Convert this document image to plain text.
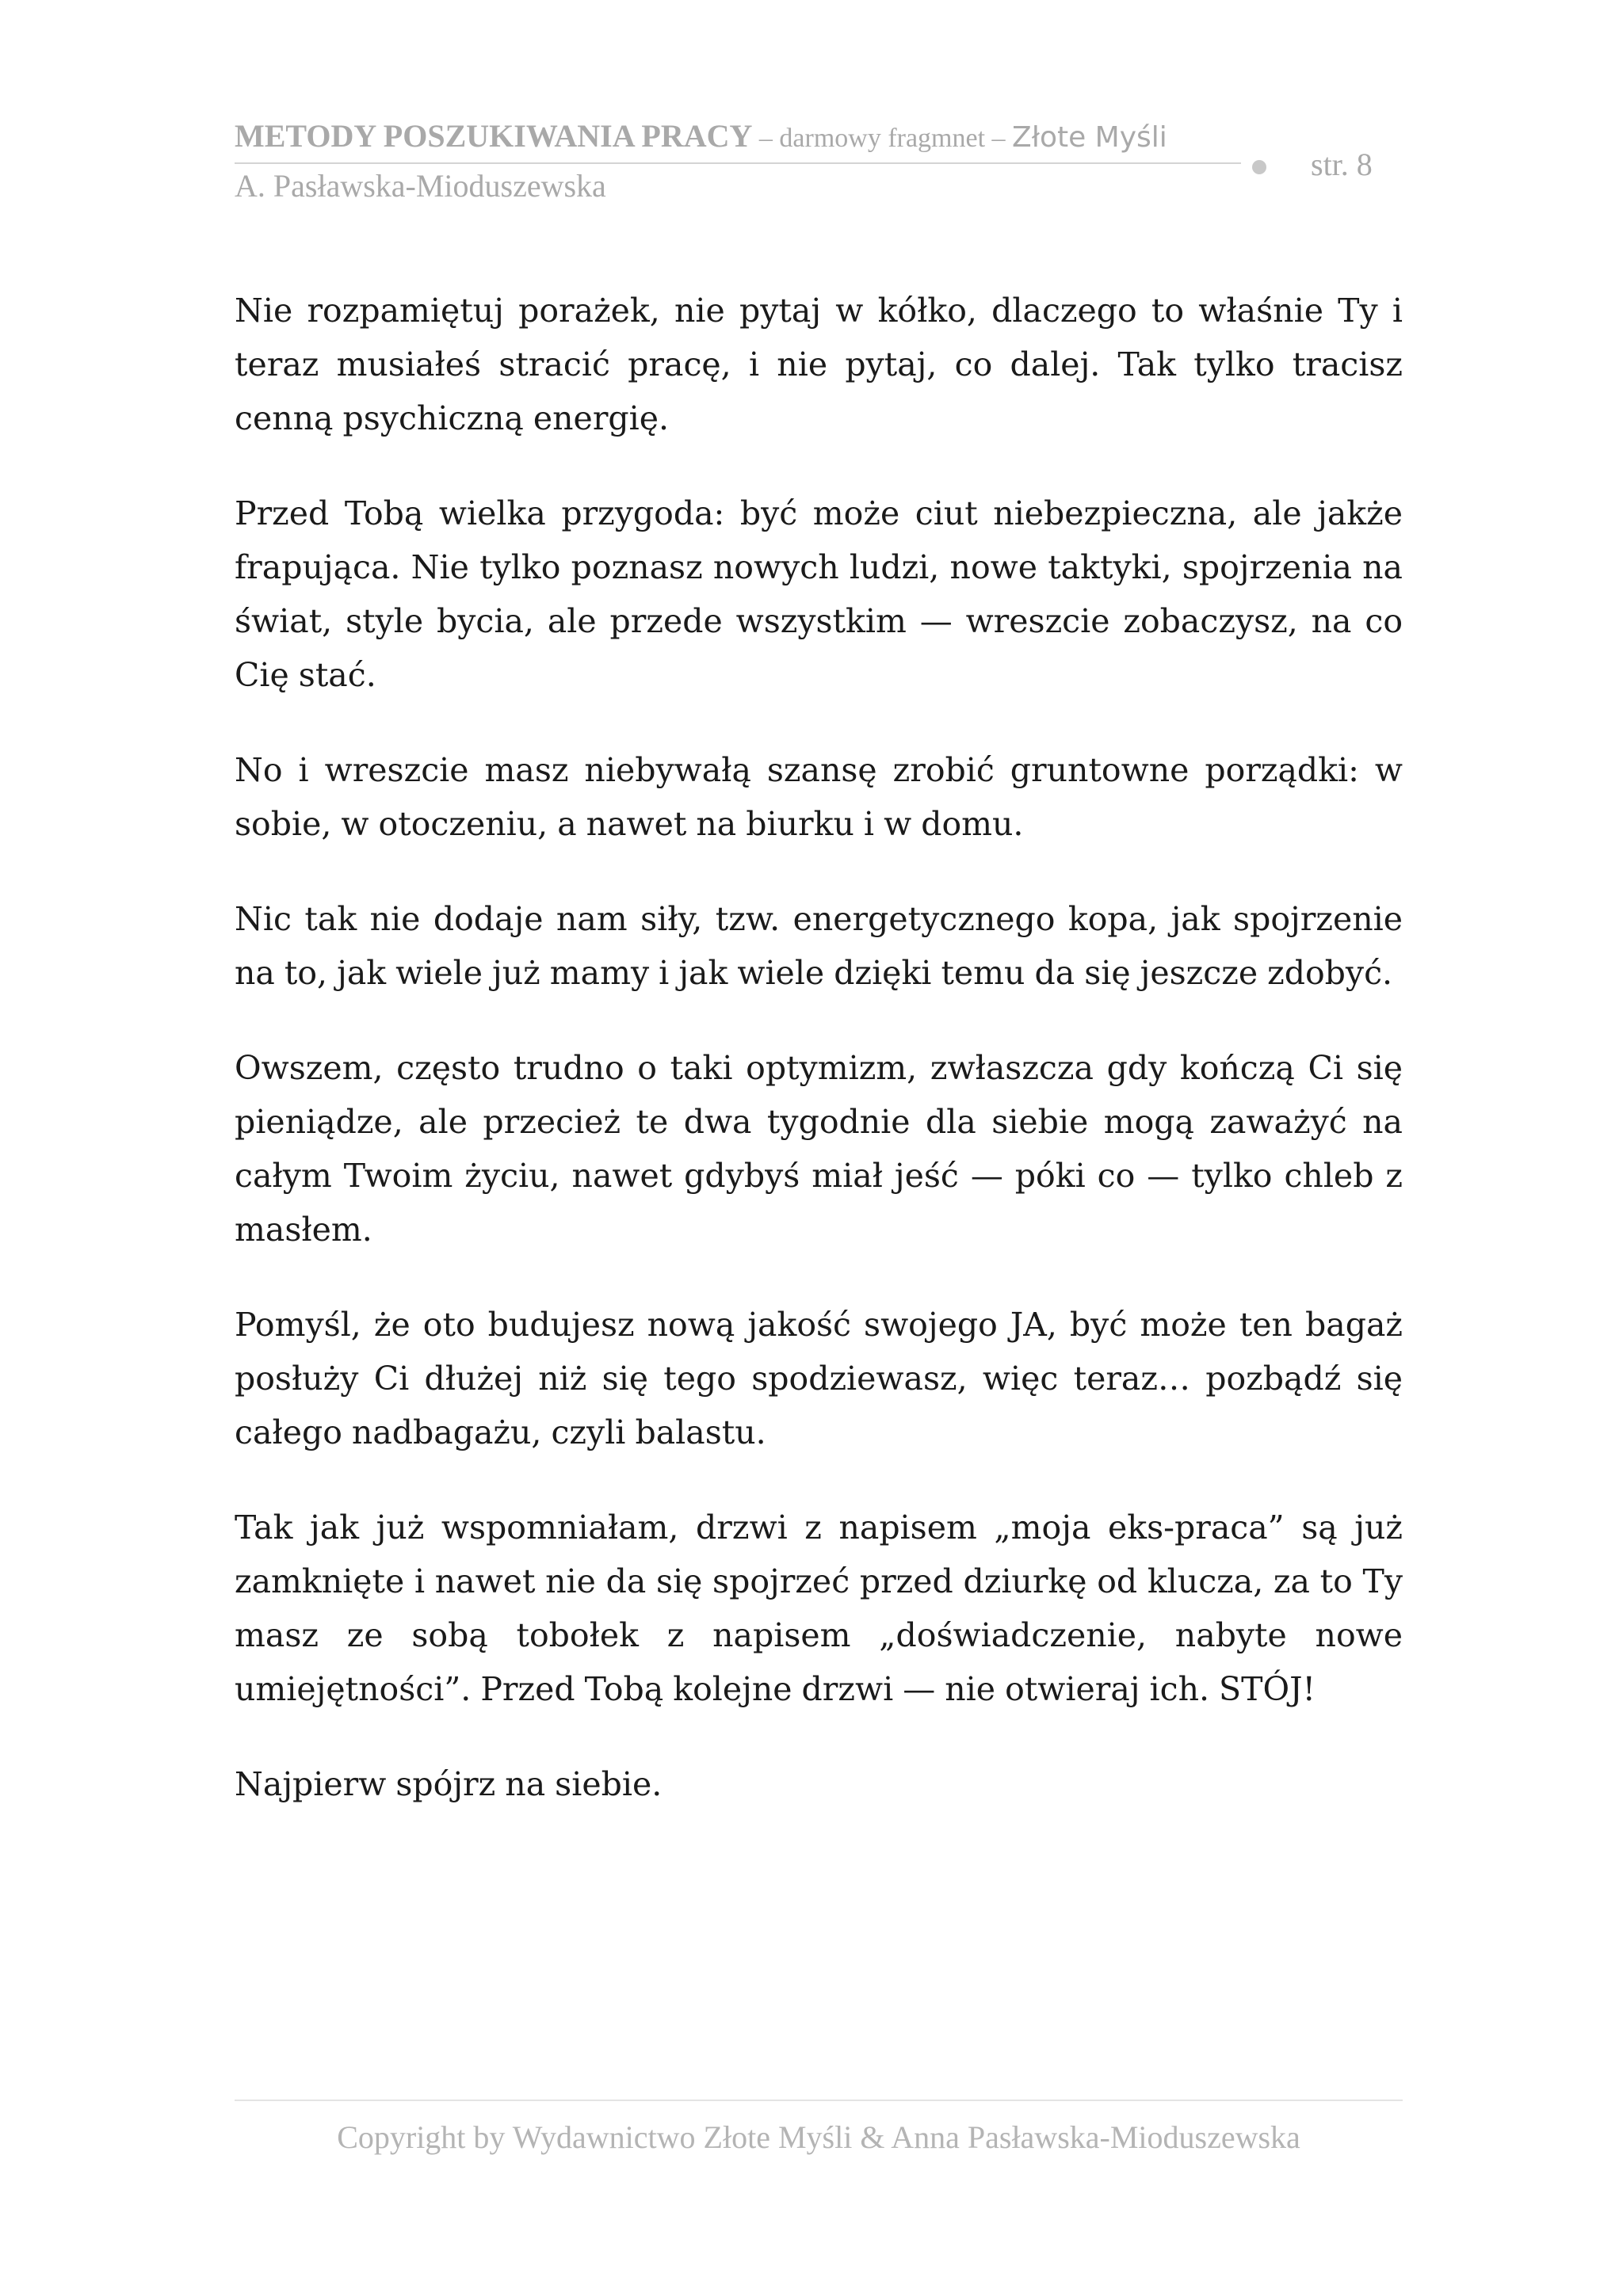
METODY POSZUKIWANIA PRACY – darmowy fragmnet – Złote Myśli
A. Pasławska-Mioduszewska
str. 8

Nie rozpamiętuj porażek, nie pytaj w kółko, dlaczego to właśnie Ty i teraz musiałeś stracić pracę, i nie pytaj, co dalej. Tak tylko tracisz cenną psychiczną energię.

Przed Tobą wielka przygoda: być może ciut niebezpieczna, ale jakże frapująca. Nie tylko poznasz nowych ludzi, nowe taktyki, spojrzenia na świat, style bycia, ale przede wszystkim — wreszcie zobaczysz, na co Cię stać.

No i wreszcie masz niebywałą szansę zrobić gruntowne porządki: w sobie, w otoczeniu, a nawet na biurku i w domu.

Nic tak nie dodaje nam siły, tzw. energetycznego kopa, jak spojrzenie na to, jak wiele już mamy i jak wiele dzięki temu da się jeszcze zdobyć.

Owszem, często trudno o taki optymizm, zwłaszcza gdy kończą Ci się pieniądze, ale przecież te dwa tygodnie dla siebie mogą zaważyć na całym Twoim życiu, nawet gdybyś miał jeść — póki co — tylko chleb z masłem.

Pomyśl, że oto budujesz nową jakość swojego JA, być może ten bagaż posłuży Ci dłużej niż się tego spodziewasz, więc teraz… pozbądź się całego nadbagażu, czyli balastu.

Tak jak już wspomniałam, drzwi z napisem „moja eks-praca” są już zamknięte i nawet nie da się spojrzeć przed dziurkę od klucza, za to Ty masz ze sobą tobołek z napisem „doświadczenie, nabyte nowe umiejętności”. Przed Tobą kolejne drzwi — nie otwieraj ich. STÓJ!

Najpierw spójrz na siebie.

Copyright by Wydawnictwo Złote Myśli & Anna Pasławska-Mioduszewska
